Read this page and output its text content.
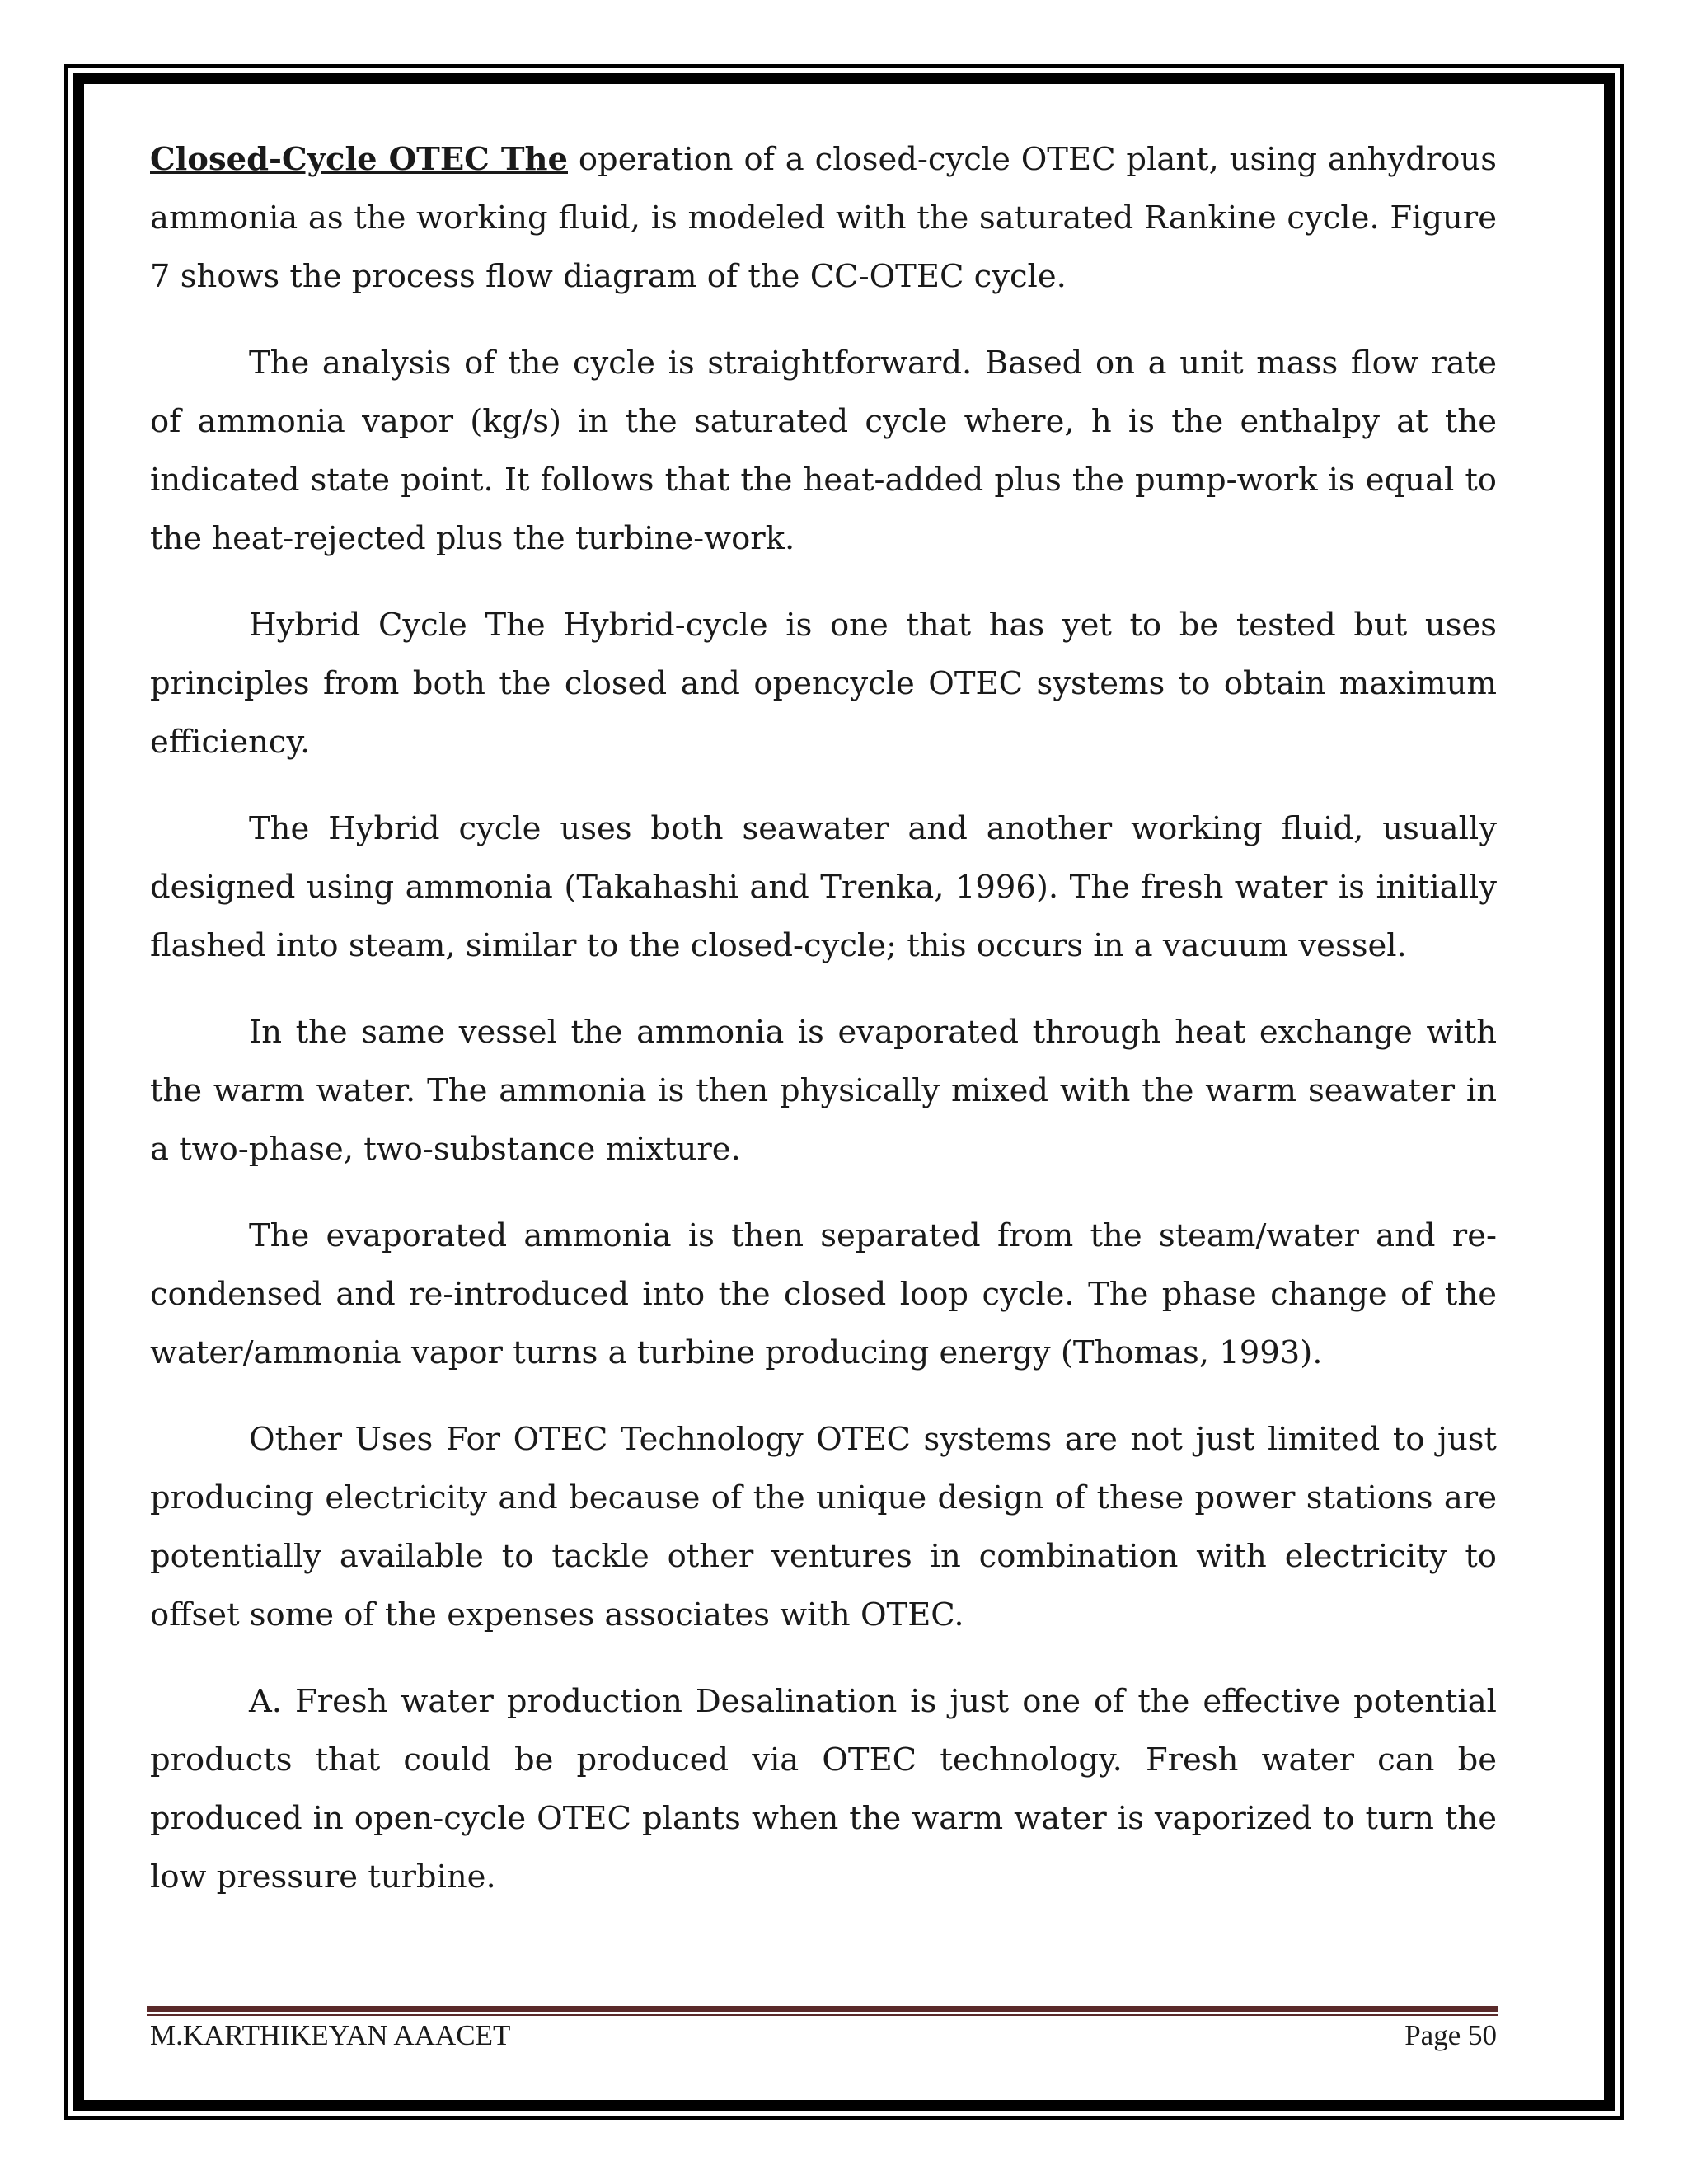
Closed-Cycle OTEC The operation of a closed-cycle OTEC plant, using anhydrous ammonia as the working fluid, is modeled with the saturated Rankine cycle. Figure 7 shows the process flow diagram of the CC-OTEC cycle.

The analysis of the cycle is straightforward. Based on a unit mass flow rate of ammonia vapor (kg/s) in the saturated cycle where, h is the enthalpy at the indicated state point. It follows that the heat-added plus the pump-work is equal to the heat-rejected plus the turbine-work.

Hybrid Cycle The Hybrid-cycle is one that has yet to be tested but uses principles from both the closed and opencycle OTEC systems to obtain maximum efficiency.

The Hybrid cycle uses both seawater and another working fluid, usually designed using ammonia (Takahashi and Trenka, 1996). The fresh water is initially flashed into steam, similar to the closed-cycle; this occurs in a vacuum vessel.

In the same vessel the ammonia is evaporated through heat exchange with the warm water. The ammonia is then physically mixed with the warm seawater in a two-phase, two-substance mixture.

The evaporated ammonia is then separated from the steam/water and re-condensed and re-introduced into the closed loop cycle. The phase change of the water/ammonia vapor turns a turbine producing energy (Thomas, 1993).

Other Uses For OTEC Technology OTEC systems are not just limited to just producing electricity and because of the unique design of these power stations are potentially available to tackle other ventures in combination with electricity to offset some of the expenses associates with OTEC.

A. Fresh water production Desalination is just one of the effective potential products that could be produced via OTEC technology. Fresh water can be produced in open-cycle OTEC plants when the warm water is vaporized to turn the low pressure turbine.

M.KARTHIKEYAN AAACET	Page 50
